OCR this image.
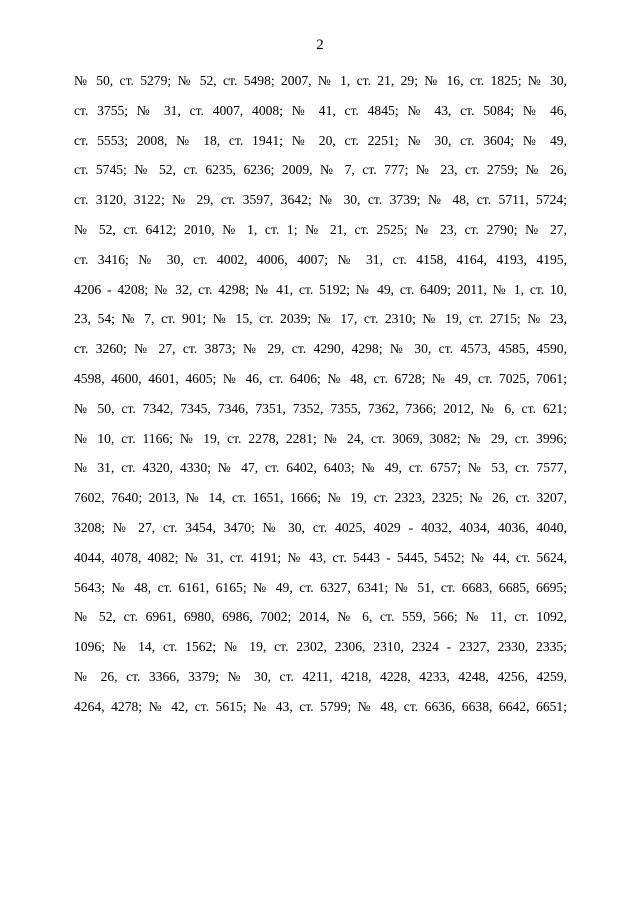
2
№ 50, ст. 5279; № 52, ст. 5498; 2007, № 1, ст. 21, 29; № 16, ст. 1825; № 30,
ст. 3755; № 31, ст. 4007, 4008; № 41, ст. 4845; № 43, ст. 5084; № 46,
ст. 5553; 2008, № 18, ст. 1941; № 20, ст. 2251; № 30, ст. 3604; № 49,
ст. 5745; № 52, ст. 6235, 6236; 2009, № 7, ст. 777; № 23, ст. 2759; № 26,
ст. 3120, 3122; № 29, ст. 3597, 3642; № 30, ст. 3739; № 48, ст. 5711, 5724;
№ 52, ст. 6412; 2010, № 1, ст. 1; № 21, ст. 2525; № 23, ст. 2790; № 27,
ст. 3416; № 30, ст. 4002, 4006, 4007; № 31, ст. 4158, 4164, 4193, 4195,
4206 - 4208; № 32, ст. 4298; № 41, ст. 5192; № 49, ст. 6409; 2011, № 1, ст. 10,
23, 54; № 7, ст. 901; № 15, ст. 2039; № 17, ст. 2310; № 19, ст. 2715; № 23,
ст. 3260; № 27, ст. 3873; № 29, ст. 4290, 4298; № 30, ст. 4573, 4585, 4590,
4598, 4600, 4601, 4605; № 46, ст. 6406; № 48, ст. 6728; № 49, ст. 7025, 7061;
№ 50, ст. 7342, 7345, 7346, 7351, 7352, 7355, 7362, 7366; 2012, № 6, ст. 621;
№ 10, ст. 1166; № 19, ст. 2278, 2281; № 24, ст. 3069, 3082; № 29, ст. 3996;
№ 31, ст. 4320, 4330; № 47, ст. 6402, 6403; № 49, ст. 6757; № 53, ст. 7577,
7602, 7640; 2013, № 14, ст. 1651, 1666; № 19, ст. 2323, 2325; № 26, ст. 3207,
3208; № 27, ст. 3454, 3470; № 30, ст. 4025, 4029 - 4032, 4034, 4036, 4040,
4044, 4078, 4082; № 31, ст. 4191; № 43, ст. 5443 - 5445, 5452; № 44, ст. 5624,
5643; № 48, ст. 6161, 6165; № 49, ст. 6327, 6341; № 51, ст. 6683, 6685, 6695;
№ 52, ст. 6961, 6980, 6986, 7002; 2014, № 6, ст. 559, 566; № 11, ст. 1092,
1096; № 14, ст. 1562; № 19, ст. 2302, 2306, 2310, 2324 - 2327, 2330, 2335;
№ 26, ст. 3366, 3379; № 30, ст. 4211, 4218, 4228, 4233, 4248, 4256, 4259,
4264, 4278; № 42, ст. 5615; № 43, ст. 5799; № 48, ст. 6636, 6638, 6642, 6651;
